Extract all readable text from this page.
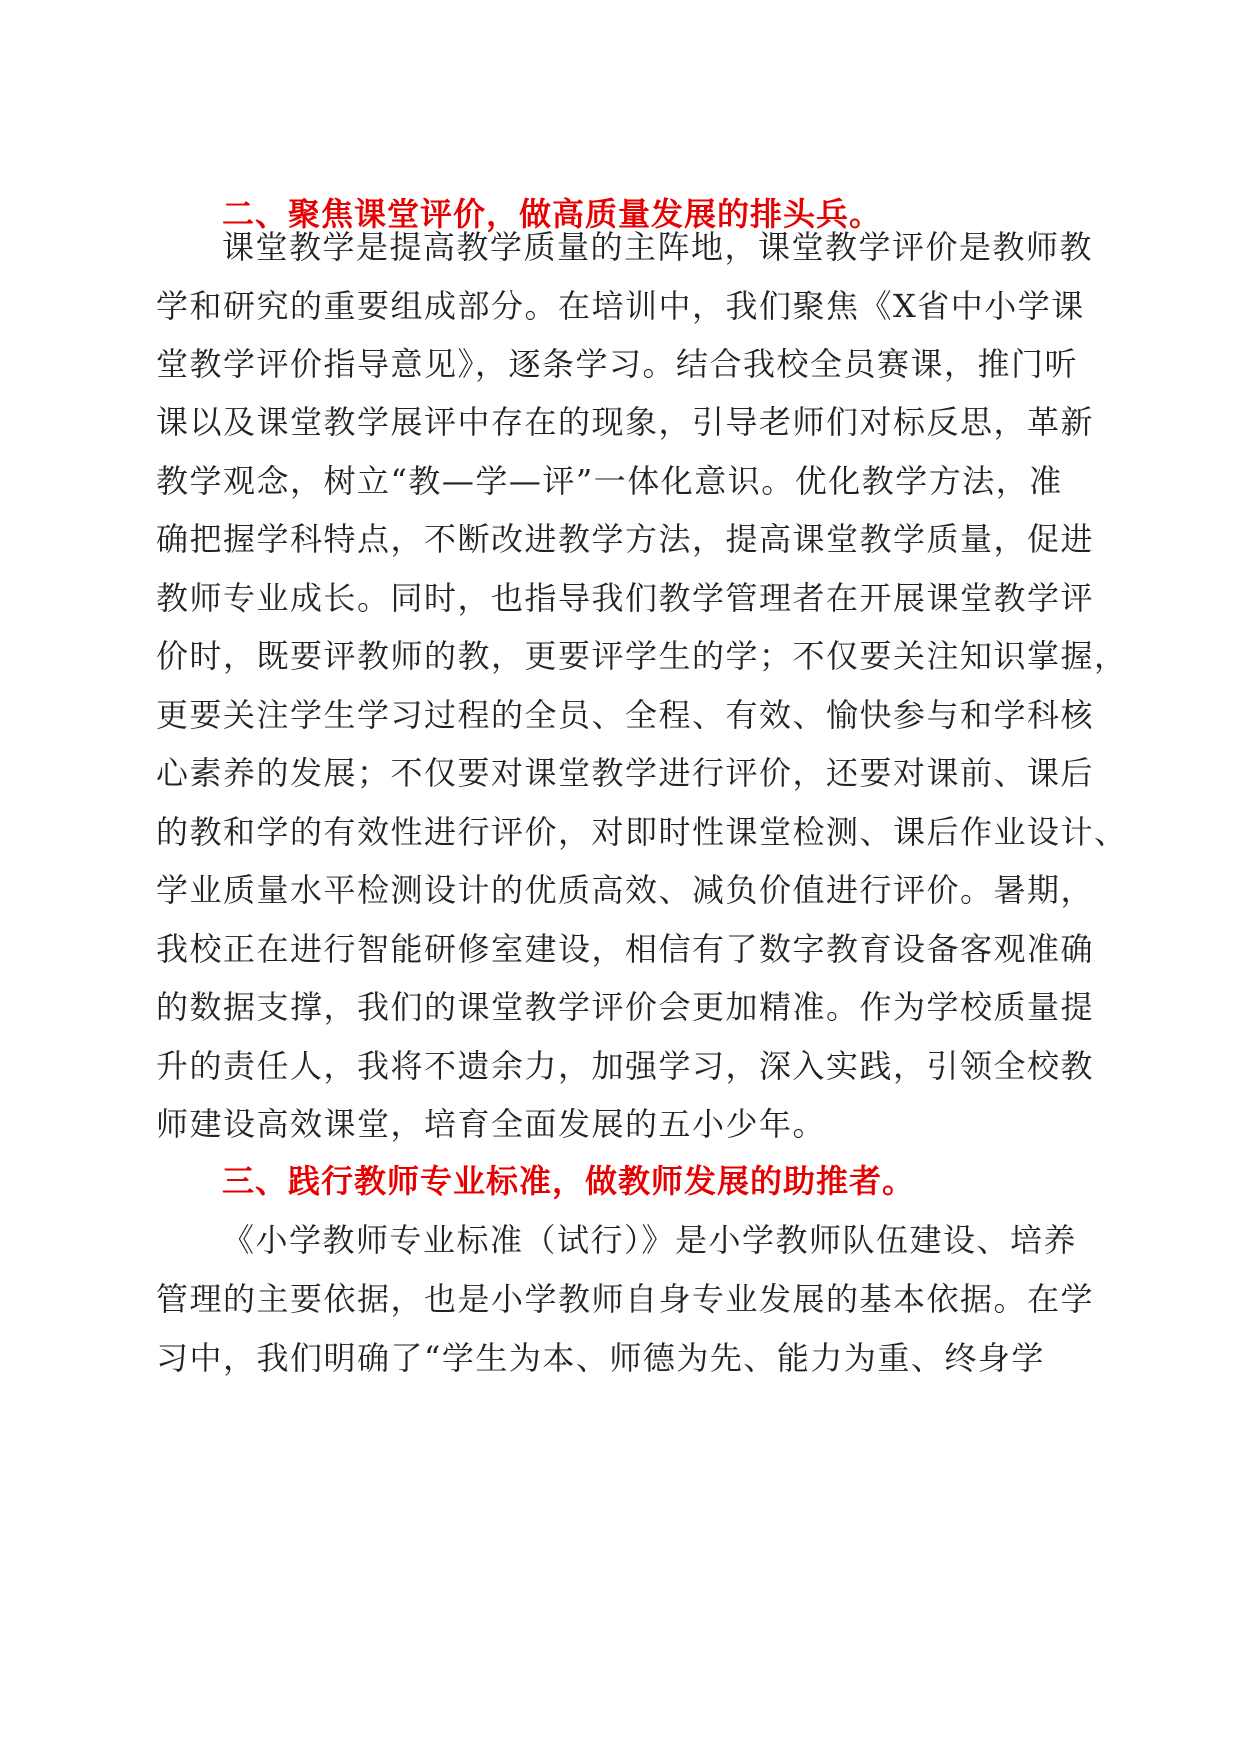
二、聚焦课堂评价，做高质量发展的排头兵。
课堂教学是提高教学质量的主阵地，课堂教学评价是教师教
学和研究的重要组成部分。在培训中，我们聚焦《X省中小学课
堂教学评价指导意见》，逐条学习。结合我校全员赛课，推门听
课以及课堂教学展评中存在的现象，引导老师们对标反思，革新
教学观念，树立“教—学—评”一体化意识。优化教学方法，准
确把握学科特点，不断改进教学方法，提高课堂教学质量，促进
教师专业成长。同时，也指导我们教学管理者在开展课堂教学评
价时，既要评教师的教，更要评学生的学；不仅要关注知识掌握，
更要关注学生学习过程的全员、全程、有效、愉快参与和学科核
心素养的发展；不仅要对课堂教学进行评价，还要对课前、课后
的教和学的有效性进行评价，对即时性课堂检测、课后作业设计、
学业质量水平检测设计的优质高效、减负价值进行评价。暑期，
我校正在进行智能研修室建设，相信有了数字教育设备客观准确
的数据支撑，我们的课堂教学评价会更加精准。作为学校质量提
升的责任人，我将不遗余力，加强学习，深入实践，引领全校教
师建设高效课堂，培育全面发展的五小少年。
三、践行教师专业标准，做教师发展的助推者。
《小学教师专业标准（试行）》是小学教师队伍建设、培养
管理的主要依据，也是小学教师自身专业发展的基本依据。在学
习中，我们明确了“学生为本、师德为先、能力为重、终身学
